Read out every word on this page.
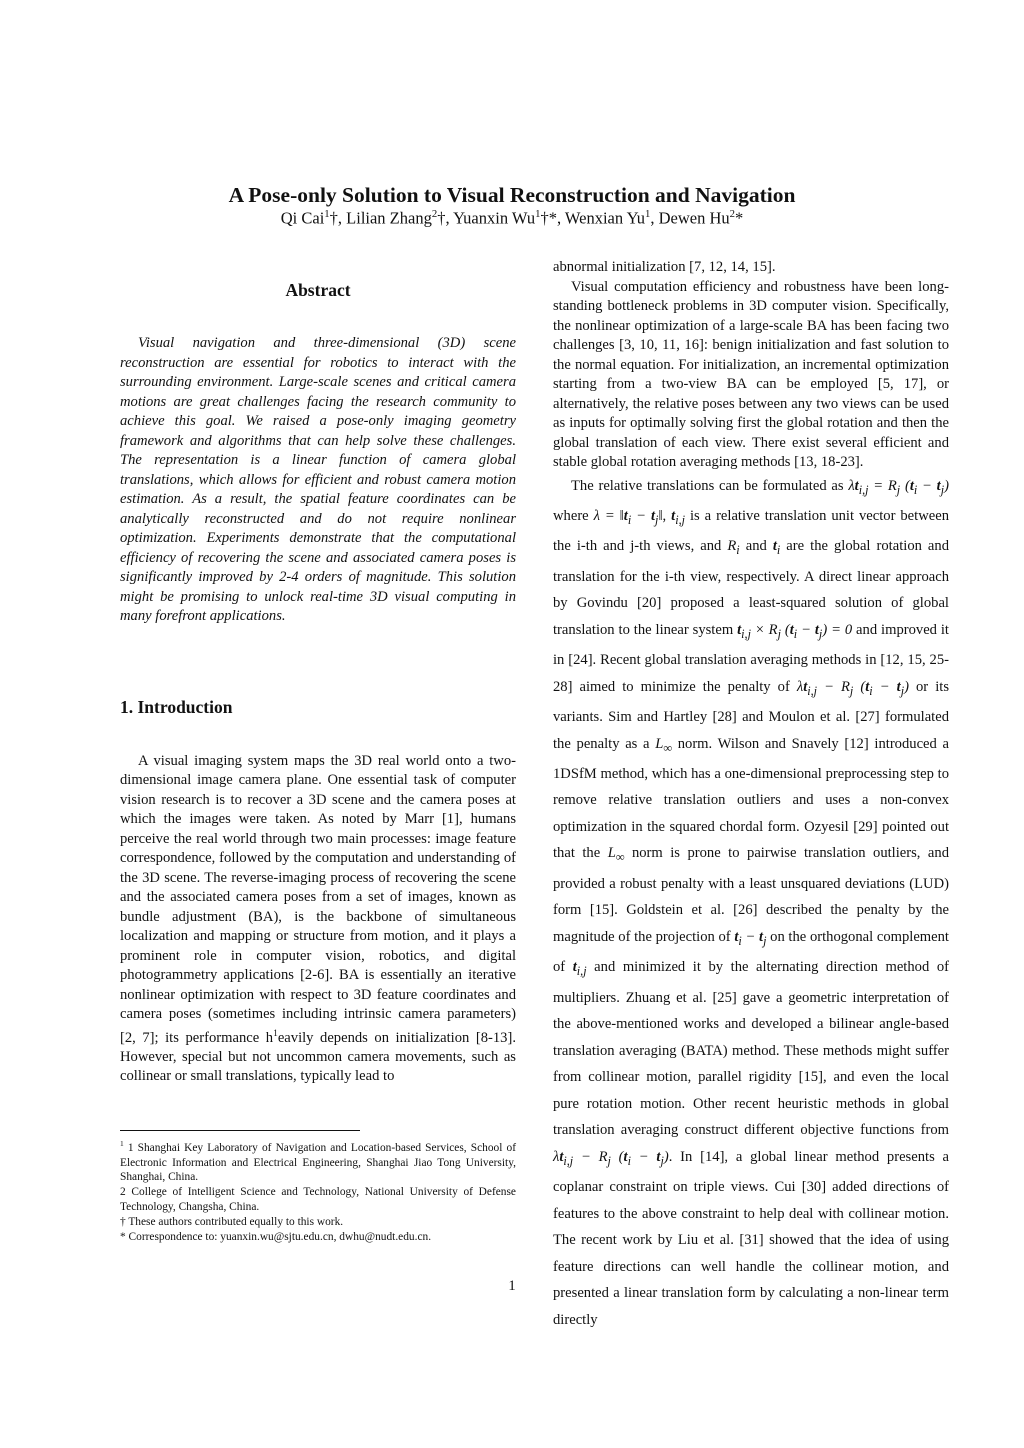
A Pose-only Solution to Visual Reconstruction and Navigation
Qi Cai$^1$†, Lilian Zhang$^2$†, Yuanxin Wu$^1$†*, Wenxian Yu$^1$, Dewen Hu$^2$*
Abstract

Visual navigation and three-dimensional (3D) scene reconstruction are essential for robotics to interact with the surrounding environment. Large-scale scenes and critical camera motions are great challenges facing the research community to achieve this goal. We raised a pose-only imaging geometry framework and algorithms that can help solve these challenges. The representation is a linear function of camera global translations, which allows for efficient and robust camera motion estimation. As a result, the spatial feature coordinates can be analytically reconstructed and do not require nonlinear optimization. Experiments demonstrate that the computational efficiency of recovering the scene and associated camera poses is significantly improved by 2-4 orders of magnitude. This solution might be promising to unlock real-time 3D visual computing in many forefront applications.

1. Introduction

A visual imaging system maps the 3D real world onto a two-dimensional image camera plane. One essential task of computer vision research is to recover a 3D scene and the camera poses at which the images were taken. As noted by Marr [1], humans perceive the real world through two main processes: image feature correspondence, followed by the computation and understanding of the 3D scene. The reverse-imaging process of recovering the scene and the associated camera poses from a set of images, known as bundle adjustment (BA), is the backbone of simultaneous localization and mapping or structure from motion, and it plays a prominent role in computer vision, robotics, and digital photogrammetry applications [2-6]. BA is essentially an iterative nonlinear optimization with respect to 3D feature coordinates and camera poses (sometimes including intrinsic camera parameters) [2, 7]; its performance $h^1eavily$ depends on initialization [8-13]. However, special but not uncommon camera movements, such as collinear or small translations, typically lead to

abnormal initialization [7, 12, 14, 15].

Visual computation efficiency and robustness have been long-standing bottleneck problems in 3D computer vision. Specifically, the nonlinear optimization of a large-scale BA has been facing two challenges [3, 10, 11, 16]: benign initialization and fast solution to the normal equation. For initialization, an incremental optimization starting from a two-view BA can be employed [5, 17], or alternatively, the relative poses between any two views can be used as inputs for optimally solving first the global rotation and then the global translation of each view. There exist several efficient and stable global rotation averaging methods [13, 18-23].

The relative translations can be formulated as $\lambda t_{i,j} = R_j$ $(t_i - t_j)$ where $\lambda = ‖t_i$ − $t_j‖$, $t_{i,j}$ is a relative translation unit vector between the i-th and j-th views, and $R_i$ and $t_i$ are the global rotation and translation for the i-th view, respectively. A direct linear approach by Govindu [20] proposed a least-squared solution of global translation to the linear system $t_{i,j} \times R_j$ $(t_i - t_j) = 0$ and improved it in [24]. Recent global translation averaging methods in [12, 15, 25-28] aimed to minimize the penalty of $\lambda t_{i,j} - R_j$ $(t_i - t_j)$ or its variants. Sim and Hartley [28] and Moulon et al. [27] formulated the penalty as a $L_\infty$ norm. Wilson and Snavely [12] introduced a 1DSfM method, which has a one-dimensional preprocessing step to remove relative translation outliers and uses a non-convex optimization in the squared chordal form. Ozyesil [29] pointed out that the $L_\infty$ norm is prone to pairwise translation outliers, and provided a robust penalty with a least unsquared deviations (LUD) form [15]. Goldstein et al. [26] described the penalty by the magnitude of the projection of $t_i - t_j$ on the orthogonal complement of $t_{i,j}$ and minimized it by the alternating direction method of multipliers. Zhuang et al. [25] gave a geometric interpretation of the above-mentioned works and developed a bilinear angle-based translation averaging (BATA) method. These methods might suffer from collinear motion, parallel rigidity [15], and even the local pure rotation motion. Other recent heuristic methods in global translation averaging construct different objective functions from $\lambda t_{i,j} - R_j$ $(t_i - t_j)$. In [14], a global linear method presents a coplanar constraint on triple views. Cui [30] added directions of features to the above constraint to help deal with collinear motion. The recent work by Liu et al. [31] showed that the idea of using feature directions can well handle the collinear motion, and presented a linear translation form by calculating a non-linear term directly

$^1$ 1 Shanghai Key Laboratory of Navigation and Location-based Services, School of Electronic Information and Electrical Engineering, Shanghai Jiao Tong University, Shanghai, China.

2 College of Intelligent Science and Technology, National University of Defense Technology, Changsha, China.

† These authors contributed equally to this work.

* Correspondence to: yuanxin.wu@sjtu.edu.cn, dwhu@nudt.edu.cn.

1
